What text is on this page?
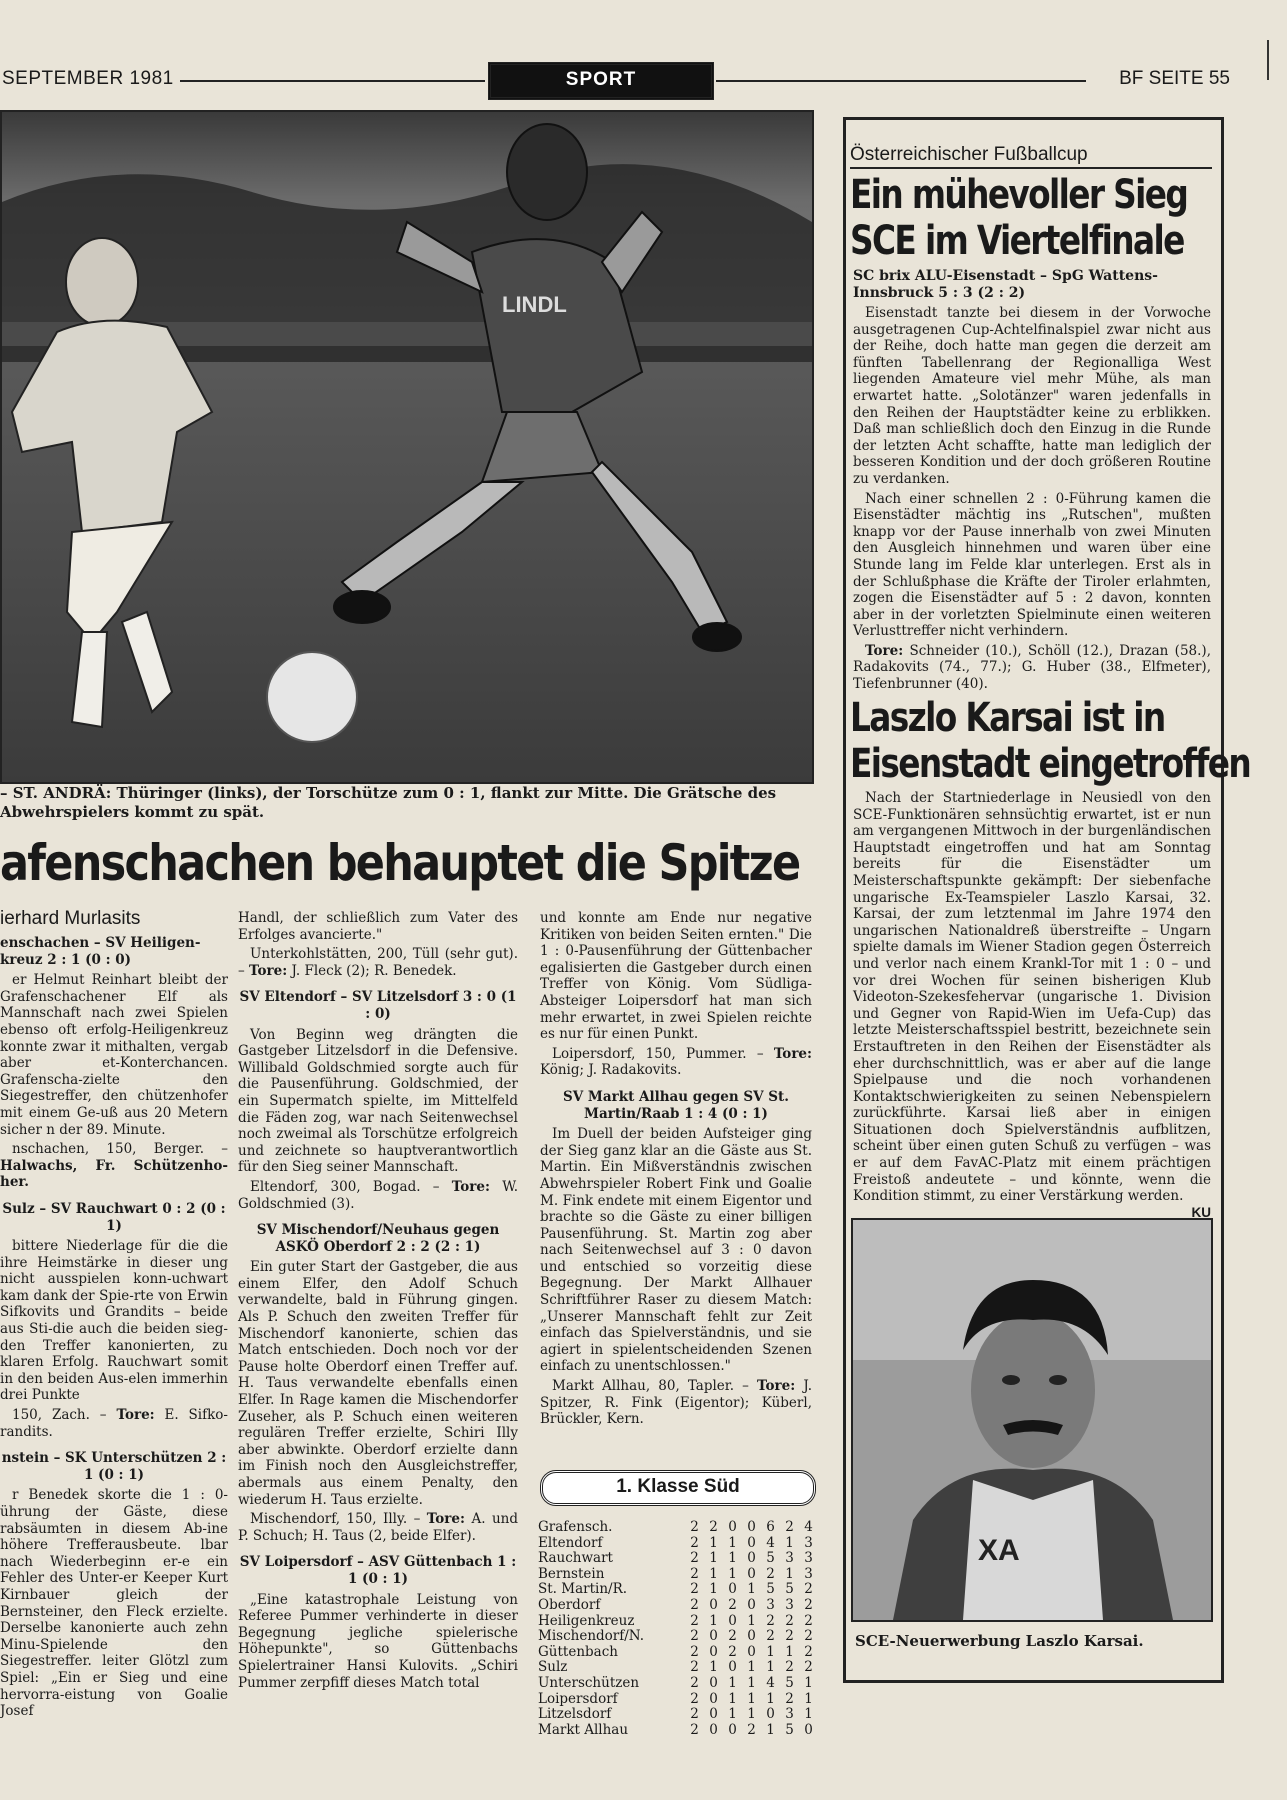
SEPTEMBER 1981	SPORT	BF SEITE 55
LINDL
– ST. ANDRÄ: Thüringer (links), der Torschütze zum 0 : 1, flankt zur Mitte. Die Grätsche des Abwehrspielers kommt zu spät.
afenschachen behauptet die Spitze
ierhard Murlasits

enschachen – SV Heiligen-kreuz 2 : 1 (0 : 0)

er Helmut Reinhart bleibt der Grafenschachener Elf als Mannschaft nach zwei Spielen ebenso oft erfolg-Heiligenkreuz konnte zwar it mithalten, vergab aber et-Konterchancen. Grafenscha-zielte den Siegestreffer, den chützenhofer mit einem Ge-uß aus 20 Metern sicher n der 89. Minute.

nschachen, 150, Berger. – Halwachs, Fr. Schützenho-her.

Sulz – SV Rauchwart 0 : 2 (0 : 1)

bittere Niederlage für die die ihre Heimstärke in dieser ung nicht ausspielen konn-uchwart kam dank der Spie-rte von Erwin Sifkovits und Grandits – beide aus Sti-die auch die beiden sieg-den Treffer kanonierten, zu klaren Erfolg. Rauchwart somit in den beiden Aus-elen immerhin drei Punkte

150, Zach. – Tore: E. Sifko-randits.

nstein – SK Unterschützen 2 : 1 (0 : 1)

r Benedek skorte die 1 : 0-ührung der Gäste, diese rabsäumten in diesem Ab-ine höhere Trefferausbeute. lbar nach Wiederbeginn er-e ein Fehler des Unter-er Keeper Kurt Kirnbauer gleich der Bernsteiner, den Fleck erzielte. Derselbe kanonierte auch zehn Minu-Spielende den Siegestreffer. leiter Glötzl zum Spiel: „Ein er Sieg und eine hervorra-eistung von Goalie Josef

Handl, der schließlich zum Vater des Erfolges avancierte."

Unterkohlstätten, 200, Tüll (sehr gut). – Tore: J. Fleck (2); R. Benedek.

SV Eltendorf – SV Litzelsdorf 3 : 0 (1 : 0)

Von Beginn weg drängten die Gastgeber Litzelsdorf in die Defensive. Willibald Goldschmied sorgte auch für die Pausenführung. Goldschmied, der ein Supermatch spielte, im Mittelfeld die Fäden zog, war nach Seitenwechsel noch zweimal als Torschütze erfolgreich und zeichnete so hauptverantwortlich für den Sieg seiner Mannschaft.

Eltendorf, 300, Bogad. – Tore: W. Goldschmied (3).

SV Mischendorf/Neuhaus gegen ASKÖ Oberdorf 2 : 2 (2 : 1)

Ein guter Start der Gastgeber, die aus einem Elfer, den Adolf Schuch verwandelte, bald in Führung gingen. Als P. Schuch den zweiten Treffer für Mischendorf kanonierte, schien das Match entschieden. Doch noch vor der Pause holte Oberdorf einen Treffer auf. H. Taus verwandelte ebenfalls einen Elfer. In Rage kamen die Mischendorfer Zuseher, als P. Schuch einen weiteren regulären Treffer erzielte, Schiri Illy aber abwinkte. Oberdorf erzielte dann im Finish noch den Ausgleichstreffer, abermals aus einem Penalty, den wiederum H. Taus erzielte.

Mischendorf, 150, Illy. – Tore: A. und P. Schuch; H. Taus (2, beide Elfer).

SV Loipersdorf – ASV Güttenbach 1 : 1 (0 : 1)

„Eine katastrophale Leistung von Referee Pummer verhinderte in dieser Begegnung jegliche spielerische Höhepunkte", so Güttenbachs Spielertrainer Hansi Kulovits. „Schiri Pummer zerpfiff dieses Match total

und konnte am Ende nur negative Kritiken von beiden Seiten ernten." Die 1 : 0-Pausenführung der Güttenbacher egalisierten die Gastgeber durch einen Treffer von König. Vom Südliga-Absteiger Loipersdorf hat man sich mehr erwartet, in zwei Spielen reichte es nur für einen Punkt.

Loipersdorf, 150, Pummer. – Tore: König; J. Radakovits.

SV Markt Allhau gegen SV St. Martin/Raab 1 : 4 (0 : 1)

Im Duell der beiden Aufsteiger ging der Sieg ganz klar an die Gäste aus St. Martin. Ein Mißverständnis zwischen Abwehrspieler Robert Fink und Goalie M. Fink endete mit einem Eigentor und brachte so die Gäste zu einer billigen Pausenführung. St. Martin zog aber nach Seitenwechsel auf 3 : 0 davon und entschied so vorzeitig diese Begegnung. Der Markt Allhauer Schriftführer Raser zu diesem Match: „Unserer Mannschaft fehlt zur Zeit einfach das Spielverständnis, und sie agiert in spielentscheidenden Szenen einfach zu unentschlossen."

Markt Allhau, 80, Tapler. – Tore: J. Spitzer, R. Fink (Eigentor); Küberl, Brückler, Kern.

1. Klasse Süd
Grafensch.	2	2	0	0	6	2	4
Eltendorf	2	1	1	0	4	1	3
Rauchwart	2	1	1	0	5	3	3
Bernstein	2	1	1	0	2	1	3
St. Martin/R.	2	1	0	1	5	5	2
Oberdorf	2	0	2	0	3	3	2
Heiligenkreuz	2	1	0	1	2	2	2
Mischendorf/N.	2	0	2	0	2	2	2
Güttenbach	2	0	2	0	1	1	2
Sulz	2	1	0	1	1	2	2
Unterschützen	2	0	1	1	4	5	1
Loipersdorf	2	0	1	1	1	2	1
Litzelsdorf	2	0	1	1	0	3	1
Markt Allhau	2	0	0	2	1	5	0
Österreichischer Fußballcup
Ein mühevoller Sieg
SCE im Viertelfinale
SC brix ALU-Eisenstadt – SpG Wattens-Innsbruck 5 : 3 (2 : 2)

Eisenstadt tanzte bei diesem in der Vorwoche ausgetragenen Cup-Achtelfinalspiel zwar nicht aus der Reihe, doch hatte man gegen die derzeit am fünften Tabellenrang der Regionalliga West liegenden Amateure viel mehr Mühe, als man erwartet hatte. „Solotänzer" waren jedenfalls in den Reihen der Hauptstädter keine zu erblikken. Daß man schließlich doch den Einzug in die Runde der letzten Acht schaffte, hatte man lediglich der besseren Kondition und der doch größeren Routine zu verdanken.

Nach einer schnellen 2 : 0-Führung kamen die Eisenstädter mächtig ins „Rutschen", mußten knapp vor der Pause innerhalb von zwei Minuten den Ausgleich hinnehmen und waren über eine Stunde lang im Felde klar unterlegen. Erst als in der Schlußphase die Kräfte der Tiroler erlahmten, zogen die Eisenstädter auf 5 : 2 davon, konnten aber in der vorletzten Spielminute einen weiteren Verlusttreffer nicht verhindern.

Tore: Schneider (10.), Schöll (12.), Drazan (58.), Radakovits (74., 77.); G. Huber (38., Elfmeter), Tiefenbrunner (40).

Laszlo Karsai ist in
Eisenstadt eingetroffen

Nach der Startniederlage in Neusiedl von den SCE-Funktionären sehnsüchtig erwartet, ist er nun am vergangenen Mittwoch in der burgenländischen Hauptstadt eingetroffen und hat am Sonntag bereits für die Eisenstädter um Meisterschaftspunkte gekämpft: Der siebenfache ungarische Ex-Teamspieler Laszlo Karsai, 32. Karsai, der zum letztenmal im Jahre 1974 den ungarischen Nationaldreß überstreifte – Ungarn spielte damals im Wiener Stadion gegen Österreich und verlor nach einem Krankl-Tor mit 1 : 0 – und vor drei Wochen für seinen bisherigen Klub Videoton-Szekesfehervar (ungarische 1. Division und Gegner von Rapid-Wien im Uefa-Cup) das letzte Meisterschaftsspiel bestritt, bezeichnete sein Erstauftreten in den Reihen der Eisenstädter als eher durchschnittlich, was er aber auf die lange Spielpause und die noch vorhandenen Kontaktschwierigkeiten zu seinen Nebenspielern zurückführte. Karsai ließ aber in einigen Situationen doch Spielverständnis aufblitzen, scheint über einen guten Schuß zu verfügen – was er auf dem FavAC-Platz mit einem prächtigen Freistoß andeutete – und könnte, wenn die Kondition stimmt, zu einer Verstärkung werden.
KU

XA
SCE-Neuerwerbung Laszlo Karsai.
